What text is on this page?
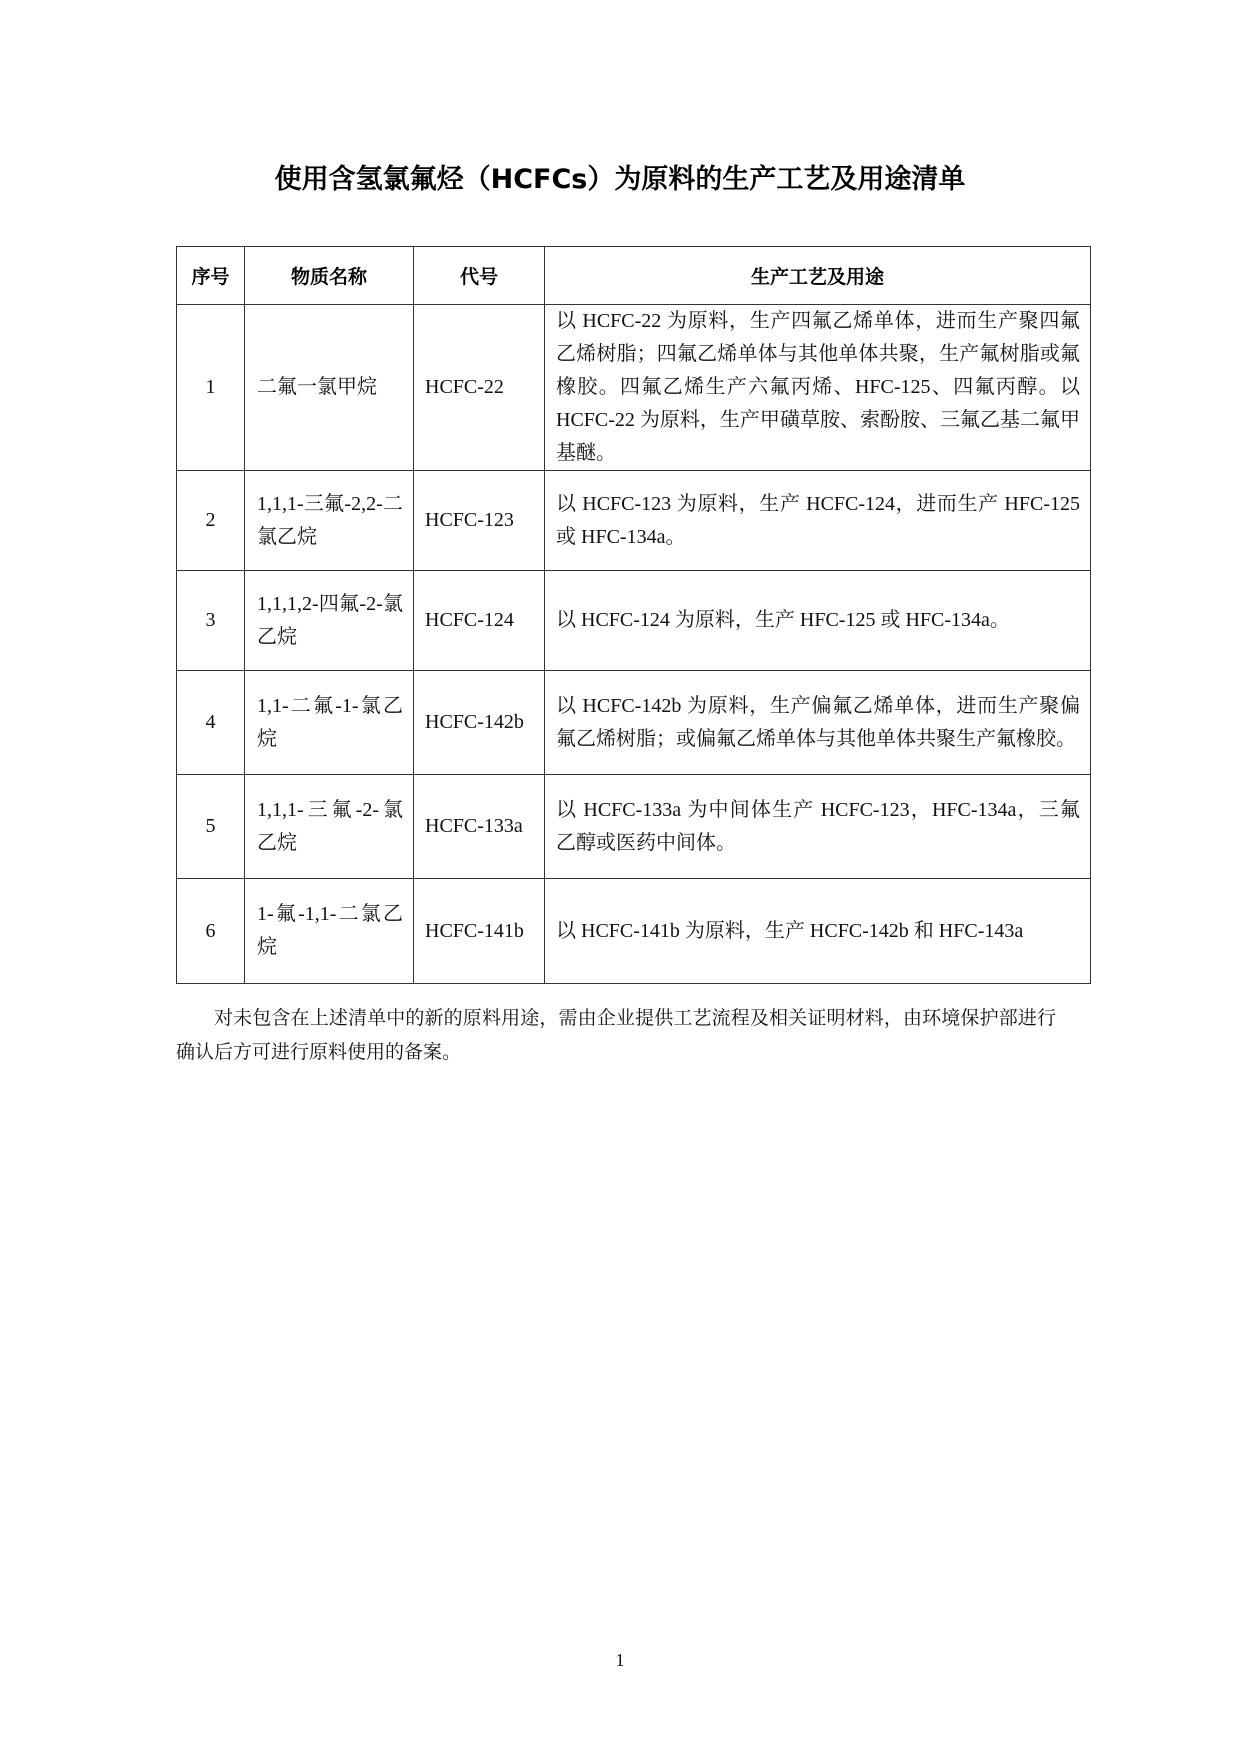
使用含氢氯氟烃（HCFCs）为原料的生产工艺及用途清单
序号	物质名称	代号	生产工艺及用途
1	二氟一氯甲烷	HCFC-22	以 HCFC-22 为原料，生产四氟乙烯单体，进而生产聚四氟乙烯树脂；四氟乙烯单体与其他单体共聚，生产氟树脂或氟橡胶。四氟乙烯生产六氟丙烯、HFC-125、四氟丙醇。以 HCFC-22 为原料，生产甲磺草胺、索酚胺、三氟乙基二氟甲基醚。
2	1,1,1-三氟-2,2-二氯乙烷	HCFC-123	以 HCFC-123 为原料，生产 HCFC-124，进而生产 HFC-125 或 HFC-134a。
3	1,1,1,2-四氟-2-氯乙烷	HCFC-124	以 HCFC-124 为原料，生产 HFC-125 或 HFC-134a。
4	1,1-二氟-1-氯乙烷	HCFC-142b	以 HCFC-142b 为原料，生产偏氟乙烯单体，进而生产聚偏氟乙烯树脂；或偏氟乙烯单体与其他单体共聚生产氟橡胶。
5	1,1,1-三氟-2-氯乙烷	HCFC-133a	以 HCFC-133a 为中间体生产 HCFC-123，HFC-134a，三氟乙醇或医药中间体。
6	1-氟-1,1-二氯乙烷	HCFC-141b	以 HCFC-141b 为原料，生产 HCFC-142b 和 HFC-143a

对未包含在上述清单中的新的原料用途，需由企业提供工艺流程及相关证明材料，由环境保护部进行确认后方可进行原料使用的备案。

1
